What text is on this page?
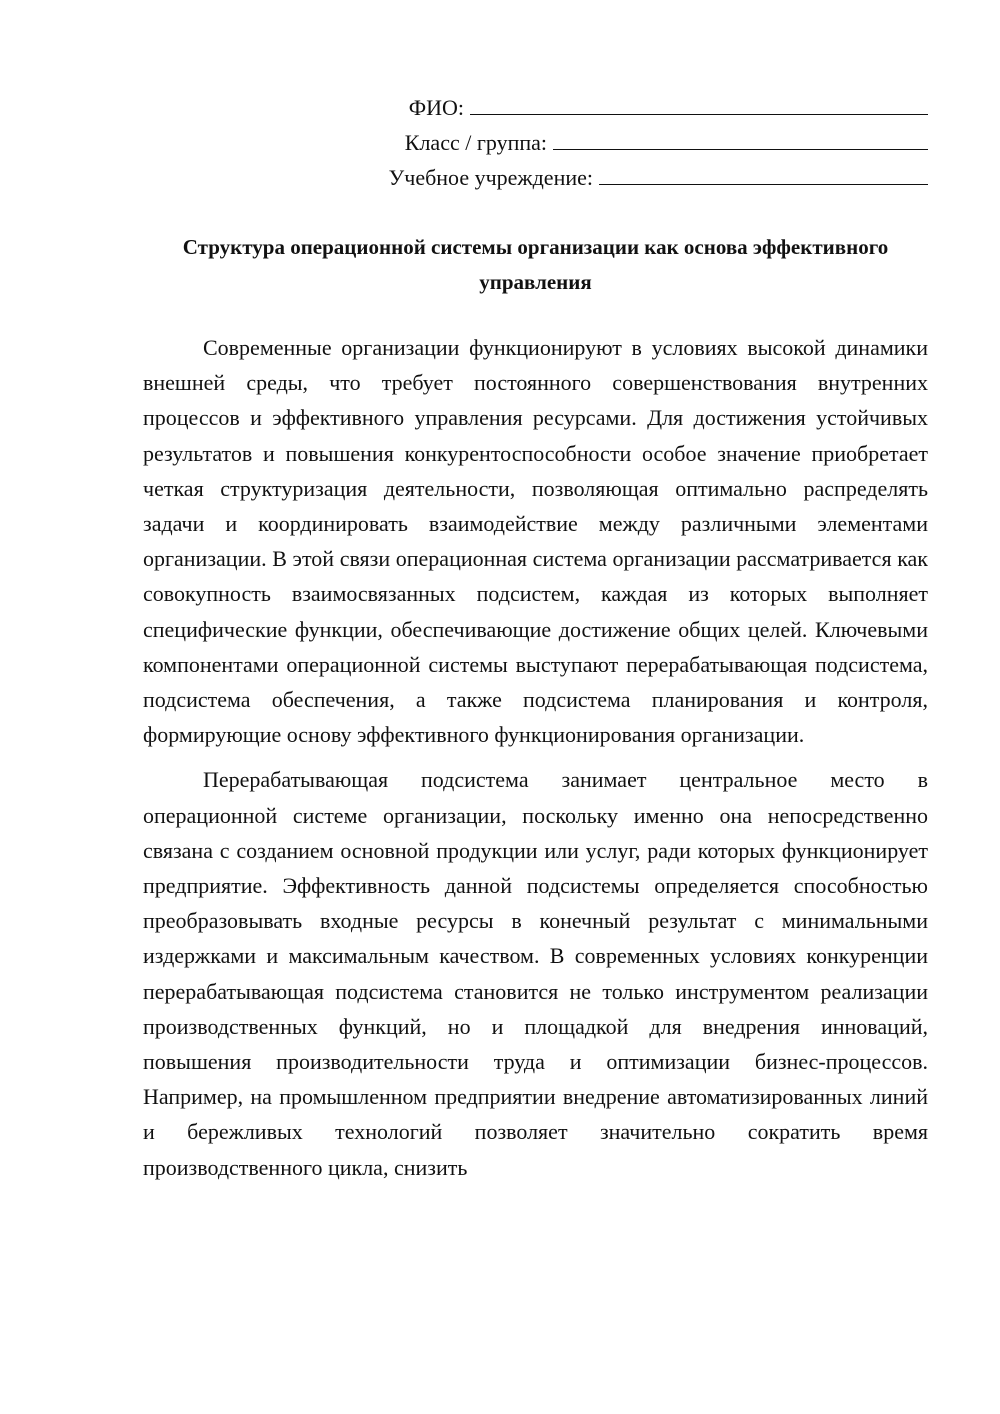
ФИО:
Класс / группа:
Учебное учреждение:
Структура операционной системы организации как основа эффективного управления

Современные организации функционируют в условиях высокой динамики внешней среды, что требует постоянного совершенствования внутренних процессов и эффективного управления ресурсами. Для достижения устойчивых результатов и повышения конкурентоспособности особое значение приобретает четкая структуризация деятельности, позволяющая оптимально распределять задачи и координировать взаимодействие между различными элементами организации. В этой связи операционная система организации рассматривается как совокупность взаимосвязанных подсистем, каждая из которых выполняет специфические функции, обеспечивающие достижение общих целей. Ключевыми компонентами операционной системы выступают перерабатывающая подсистема, подсистема обеспечения, а также подсистема планирования и контроля, формирующие основу эффективного функционирования организации.

Перерабатывающая подсистема занимает центральное место в операционной системе организации, поскольку именно она непосредственно связана с созданием основной продукции или услуг, ради которых функционирует предприятие. Эффективность данной подсистемы определяется способностью преобразовывать входные ресурсы в конечный результат с минимальными издержками и максимальным качеством. В современных условиях конкуренции перерабатывающая подсистема становится не только инструментом реализации производственных функций, но и площадкой для внедрения инноваций, повышения производительности труда и оптимизации бизнес-процессов. Например, на промышленном предприятии внедрение автоматизированных линий и бережливых технологий позволяет значительно сократить время производственного цикла, снизить
